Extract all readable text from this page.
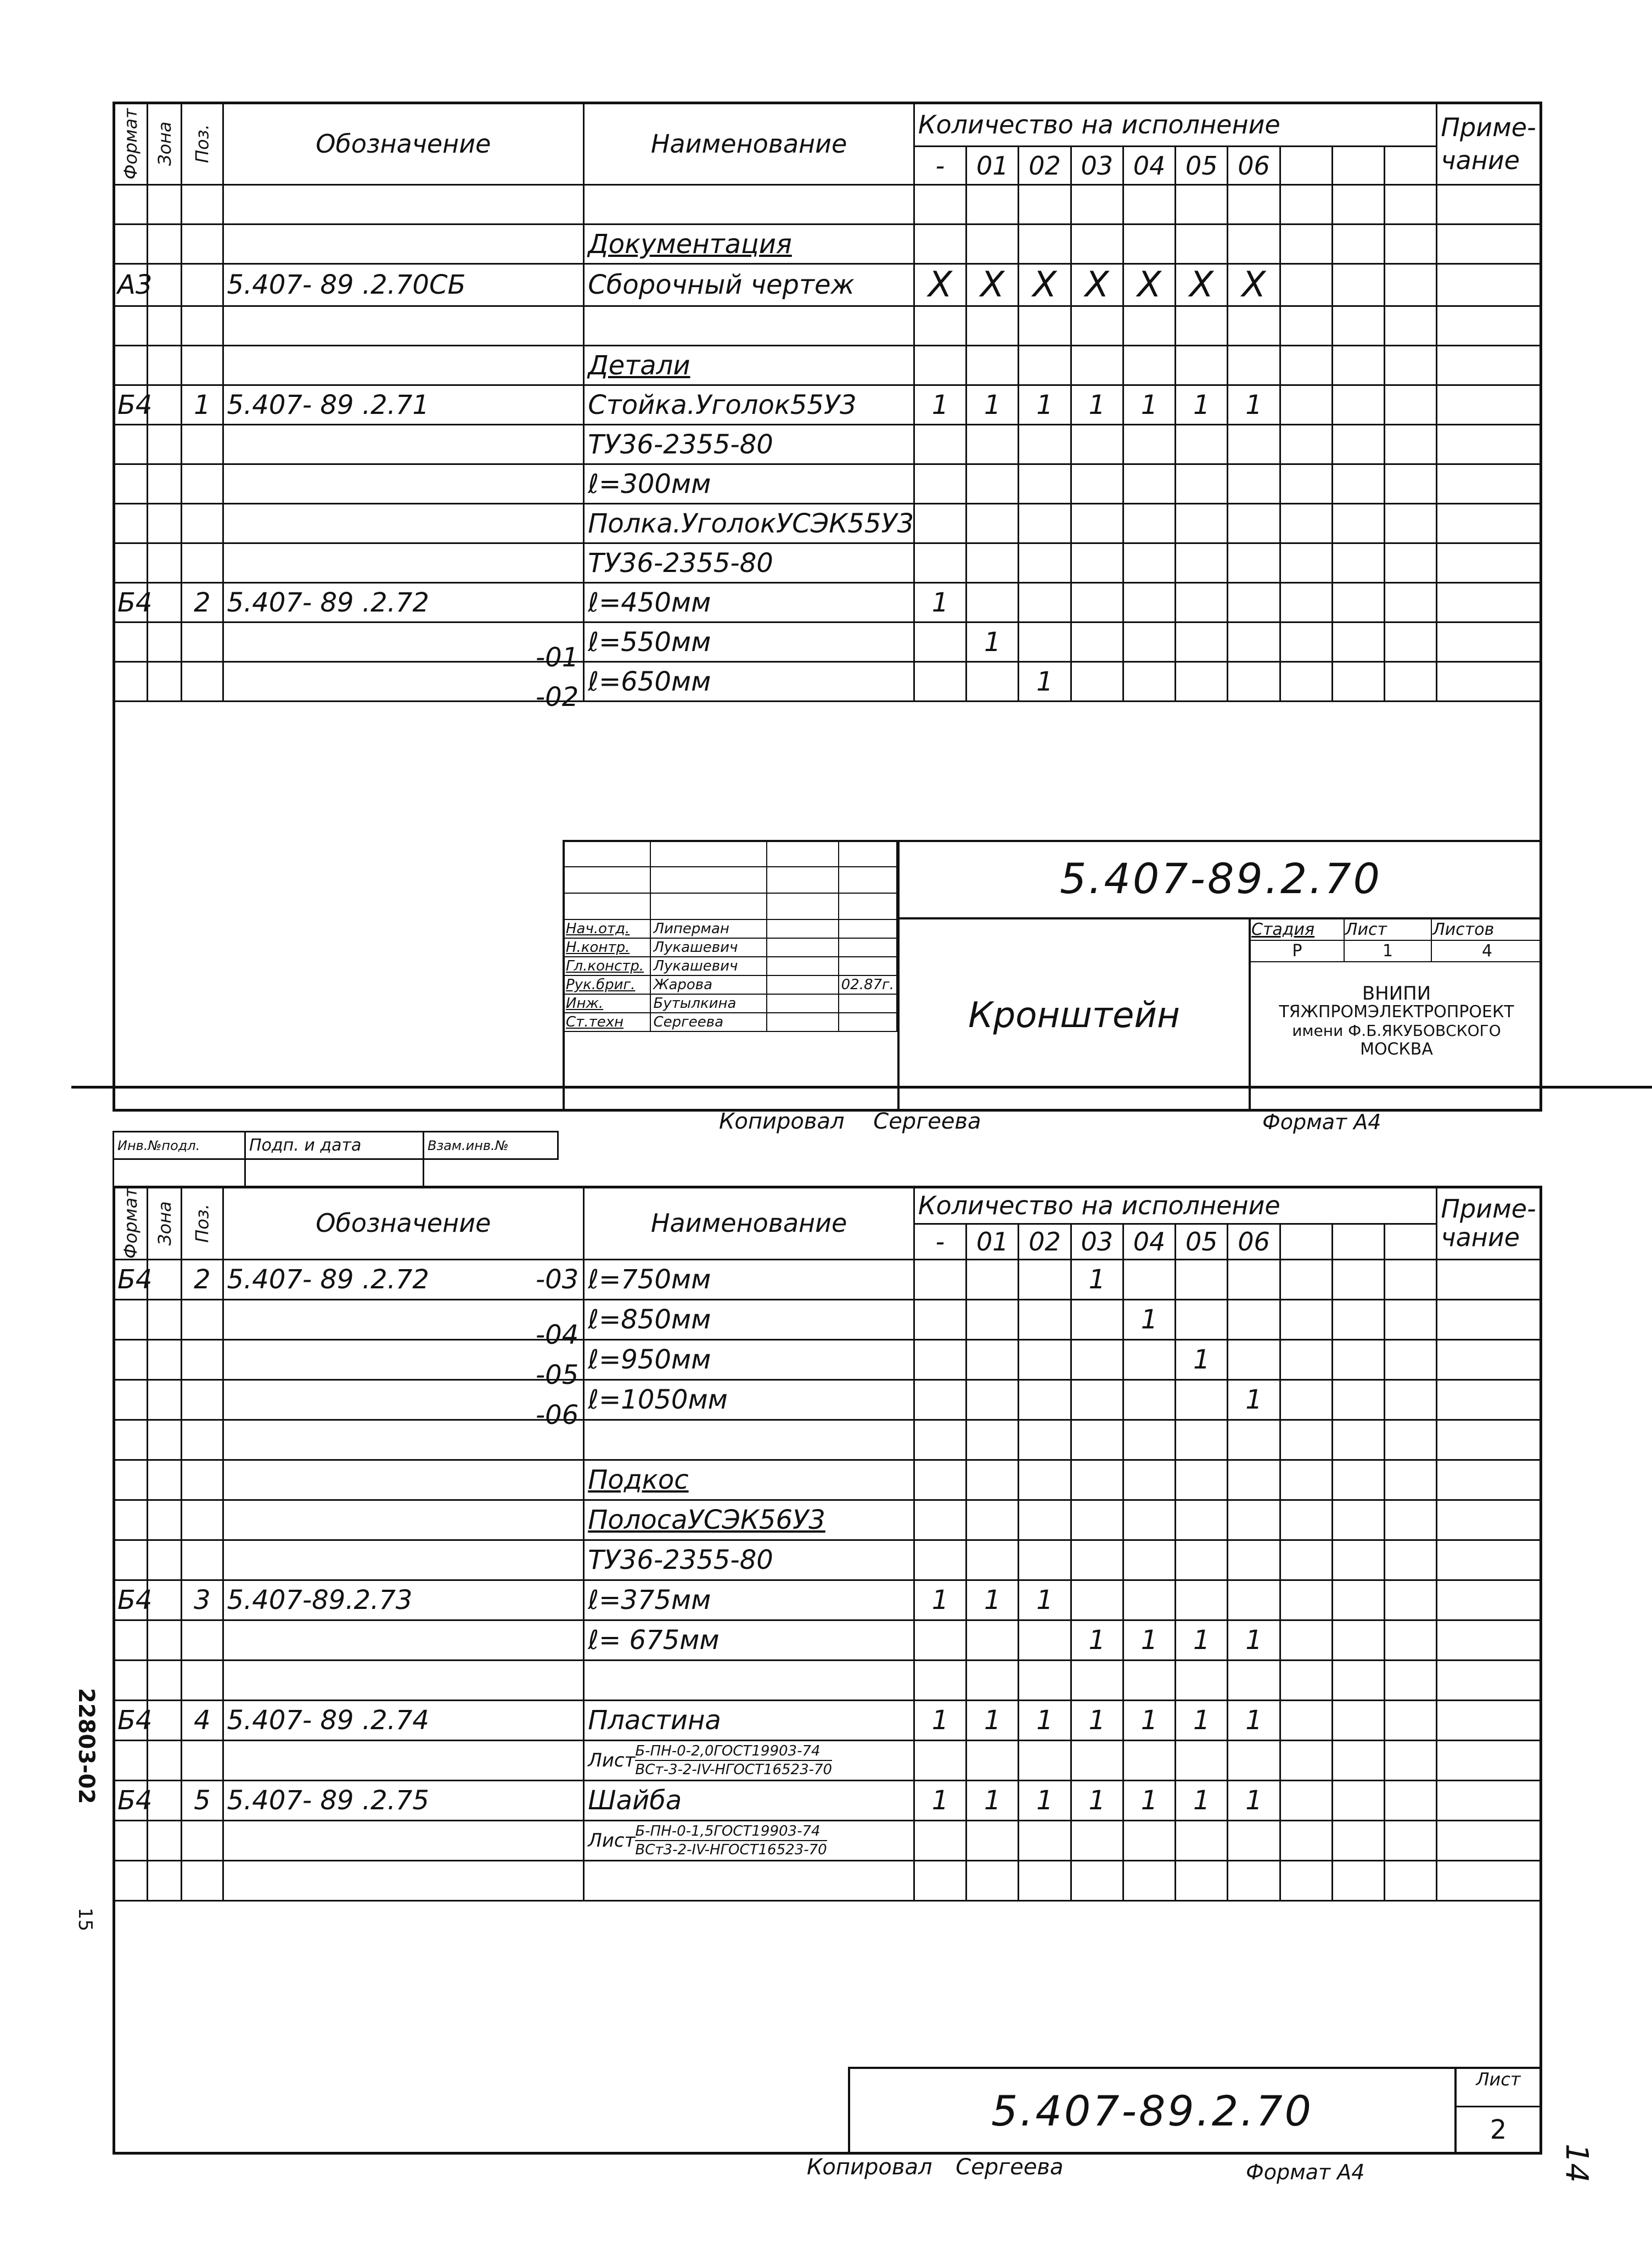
Формат	Зона	Поз.	Обозначение	Наименование	Количество на исполнение										Приме-
чание
					-	01	02	03	04	05	06				

	Документация											
А3			5.407- 89 .2.70СБ	Сборочный чертеж	X	X	X	X	X	X	X				

	Детали											
Б4		1	5.407- 89 .2.71	Стойка.Уголок55У3	1	1	1	1	1	1	1				

	ТУ36-2355-80											

	ℓ=300мм											

	Полка.УголокУСЭК55У3											

	ТУ36-2355-80											
Б4		2	5.407- 89 .2.72	ℓ=450мм	1										

			-01	ℓ=550мм		1									

			-02	ℓ=650мм			1								

Нач.отд.	Липерман		
Н.контр.	Лукашевич		
Гл.констр.	Лукашевич		
Рук.бриг.	Жарова		02.87г.
Инж.	Бутылкина		
Ст.техн	Сергеева		
5.407-89.2.70
Кронштейн
Стадия	Лист	Листов
Р	1	4
ВНИПИ
ТЯЖПРОМЭЛЕКТРОПРОЕКТ
имени Ф.Б.ЯКУБОВСКОГО
МОСКВА
Копировал Сергеева	Формат А4
Инв.№подл.	Подп. и дата	Взам.инв.№

Формат	Зона	Поз.	Обозначение	Наименование	Количество на исполнение										Приме-
чание
					-	01	02	03	04	05	06				
Б4		2	5.407- 89 .2.72 -03	ℓ=750мм				1							

			-04	ℓ=850мм					1						

			-05	ℓ=950мм						1					

			-06	ℓ=1050мм							1				

	Подкос											

	ПолосаУСЭК56У3											

	ТУ36-2355-80											
Б4		3	5.407-89.2.73	ℓ=375мм	1	1	1								

	ℓ= 675мм				1	1	1	1				

Б4		4	5.407- 89 .2.74	Пластина	1	1	1	1	1	1	1				

	Лист Б-ПН-0-2,0ГОСТ19903-74
ВСт-3-2-IV-НГОСТ16523-70											

Б4		5	5.407- 89 .2.75	Шайба	1	1	1	1	1	1	1				

	Лист Б-ПН-0-1,5ГОСТ19903-74
ВСт3-2-IV-НГОСТ16523-70											

5.407-89.2.70
Лист
2
Копировал Сергеева	Формат А4
22803-02
15
14
